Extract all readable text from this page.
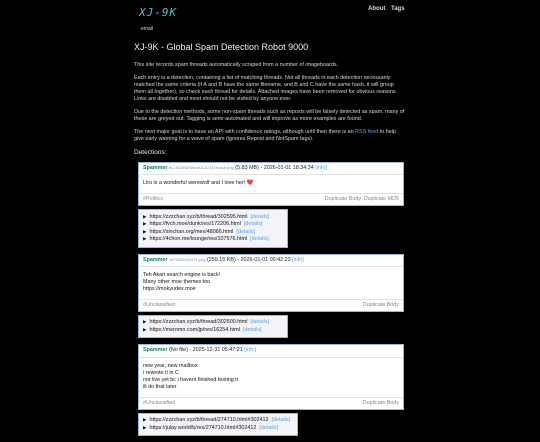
XJ-9K
email
About Tags
XJ-9K - Global Spam Detection Robot 9000

This site records spam threads automatically scraped from a number of imageboards.

Each entry is a detection, containing a list of matching threads. Not all threads in each detection necessarily matched the same criteria (if A and B have the same filename, and B and C have the same hash, it will group them all together), so check each thread for details. Attached images have been removed for obvious reasons. Links are disabled and most should not be visited by anyone ever.

Due to the detection methods, some non-spam threads such as reposts will be falsely detected as spam, many of these are greyed out. Tagging is semi-automated and will improve as more examples are found.

The next major goal is to have an API with confidence ratings, although until then there is an RSS feed to help give early warning for a wave of spam (ignores Repost and NotSpam tags).

Detections:
Spammer eL1Nx2RkVWmE1LiCV37XuwA.png (5.83 MB) - 2026-01-01 18:34:34 [info]
Liru is a wonderful werewolf and I love her! ❤️
#Politics	Duplicate Body, Duplicate MD5
▶ https://zzzchan.xyz/b/thread/302595.html [details]
▶ https://fvch.moe/dunk/res/172206.html [details]
▶ https://sinchan.org/mex/48066.html [details]
▶ https://4chon.me/lounge/res/107576.html [details]
Spammer 1574225411971.png (259.15 KB) - 2026-01-01 00:42:23 [info]
Teh Akari search engine is back!
Many other moe themes too.
https://mokyudex.moe
#Unclassified	Duplicate Body
▶ https://zzzchan.xyz/b/thread/302500.html [details]
▶ https://meromn.com/jp/res/16254.html [details]
Spammer (No file) - 2025-12-31 05:47:21 [info]
new year, new mailbox
i rewrote it in C
not live yet bc i havent finished testing it
ill do that later
#Unclassified	Duplicate Body
▶ https://zzzchan.xyz/b/thread/274710.html#302412 [details]
▶ https://julay.world/b/res/274710.html#302412 [details]
